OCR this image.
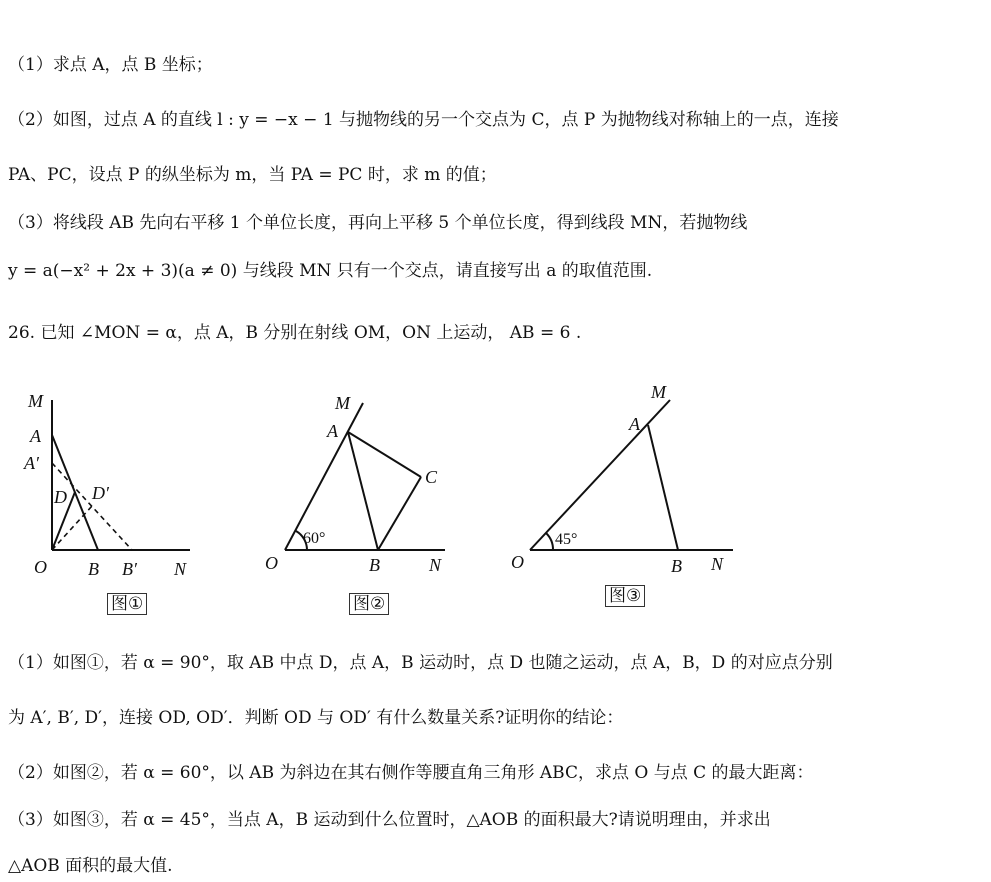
（1）求点 A，点 B 坐标；
（2）如图，过点 A 的直线 l : y = −x − 1 与抛物线的另一个交点为 C，点 P 为抛物线对称轴上的一点，连接
PA、PC，设点 P 的纵坐标为 m，当 PA = PC 时，求 m 的值；
（3）将线段 AB 先向右平移 1 个单位长度，再向上平移 5 个单位长度，得到线段 MN，若抛物线
y = a(−x² + 2x + 3)(a ≠ 0) 与线段 MN 只有一个交点，请直接写出 a 的取值范围.
26. 已知 ∠MON = α，点 A，B 分别在射线 OM，ON 上运动， AB = 6 .
M
A
A′
D D′
O B B′ N
图①
M
A
C
60°
O	B	N
图②
M
A
45°
O	B N
图③
（1）如图①，若 α = 90°，取 AB 中点 D，点 A，B 运动时，点 D 也随之运动，点 A，B，D 的对应点分别
为 A′, B′, D′，连接 OD, OD′．判断 OD 与 OD′ 有什么数量关系?证明你的结论：
（2）如图②，若 α = 60°，以 AB 为斜边在其右侧作等腰直角三角形 ABC，求点 O 与点 C 的最大距离：
（3）如图③，若 α = 45°，当点 A，B 运动到什么位置时，△AOB 的面积最大?请说明理由，并求出
△AOB 面积的最大值.
